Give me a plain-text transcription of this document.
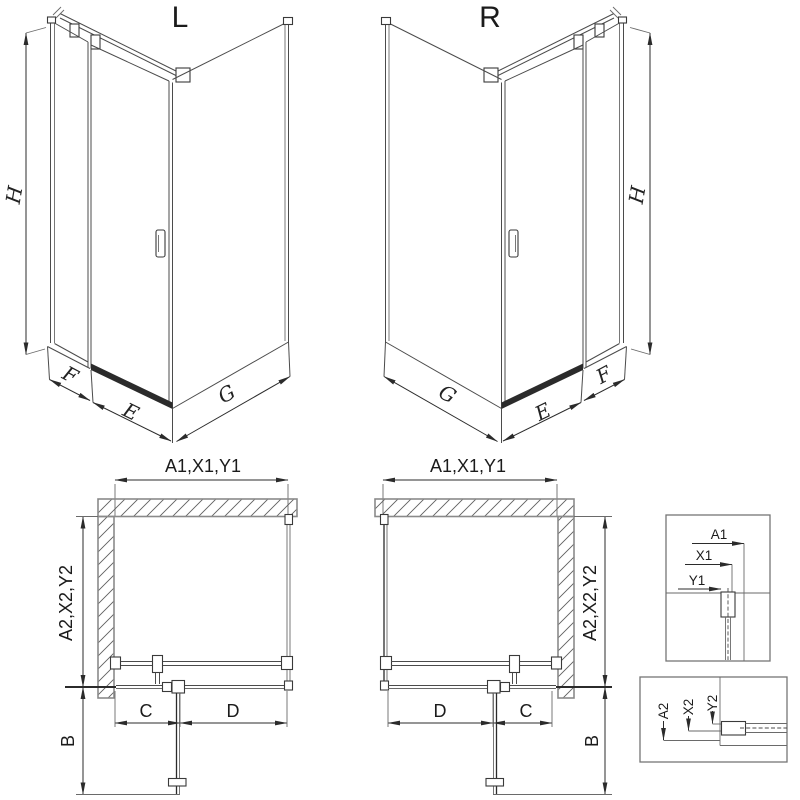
L
H
F
E
G
R
H
F
E
G
A1,X1,Y1
A2,X2,Y2
C	D
B
A1,X1,Y1
A2,X2,Y2
D	C
B
A1
X1
Y1
A2 X2 Y2
